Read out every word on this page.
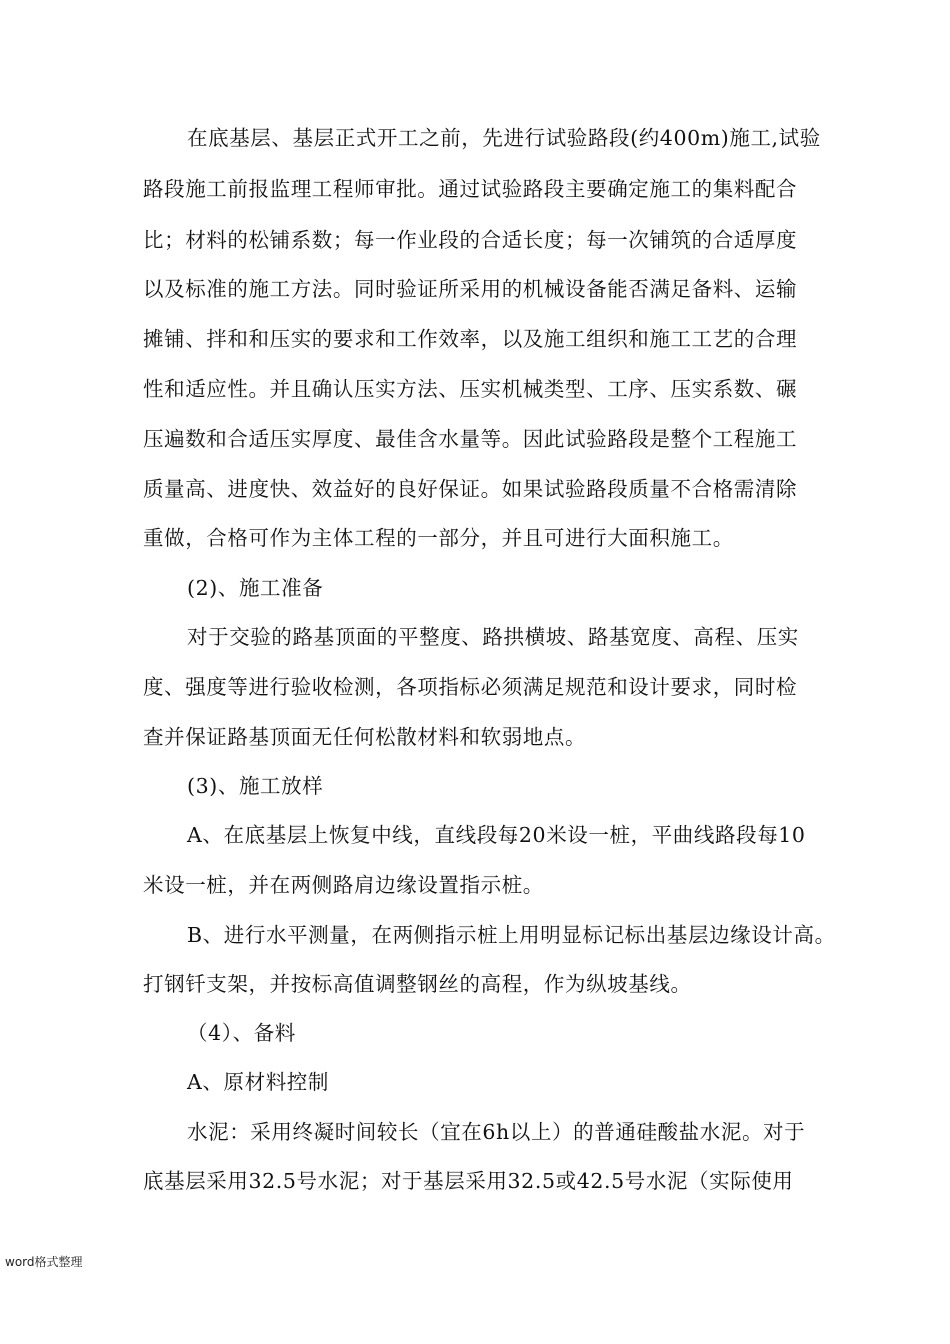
在底基层、基层正式开工之前，先进行试验路段(约400m)施工,试验
路段施工前报监理工程师审批。通过试验路段主要确定施工的集料配合
比；材料的松铺系数；每一作业段的合适长度；每一次铺筑的合适厚度
以及标准的施工方法。同时验证所采用的机械设备能否满足备料、运输
摊铺、拌和和压实的要求和工作效率，以及施工组织和施工工艺的合理
性和适应性。并且确认压实方法、压实机械类型、工序、压实系数、碾
压遍数和合适压实厚度、最佳含水量等。因此试验路段是整个工程施工
质量高、进度快、效益好的良好保证。如果试验路段质量不合格需清除
重做，合格可作为主体工程的一部分，并且可进行大面积施工。
(2)、施工准备
对于交验的路基顶面的平整度、路拱横坡、路基宽度、高程、压实
度、强度等进行验收检测，各项指标必须满足规范和设计要求，同时检
查并保证路基顶面无任何松散材料和软弱地点。
(3)、施工放样
A、在底基层上恢复中线，直线段每20米设一桩，平曲线路段每10
米设一桩，并在两侧路肩边缘设置指示桩。
B、进行水平测量，在两侧指示桩上用明显标记标出基层边缘设计高。
打钢钎支架，并按标高值调整钢丝的高程，作为纵坡基线。
（4）、备料
A、原材料控制
水泥：采用终凝时间较长（宜在6h以上）的普通硅酸盐水泥。对于
底基层采用32.5号水泥；对于基层采用32.5或42.5号水泥（实际使用
word格式整理
